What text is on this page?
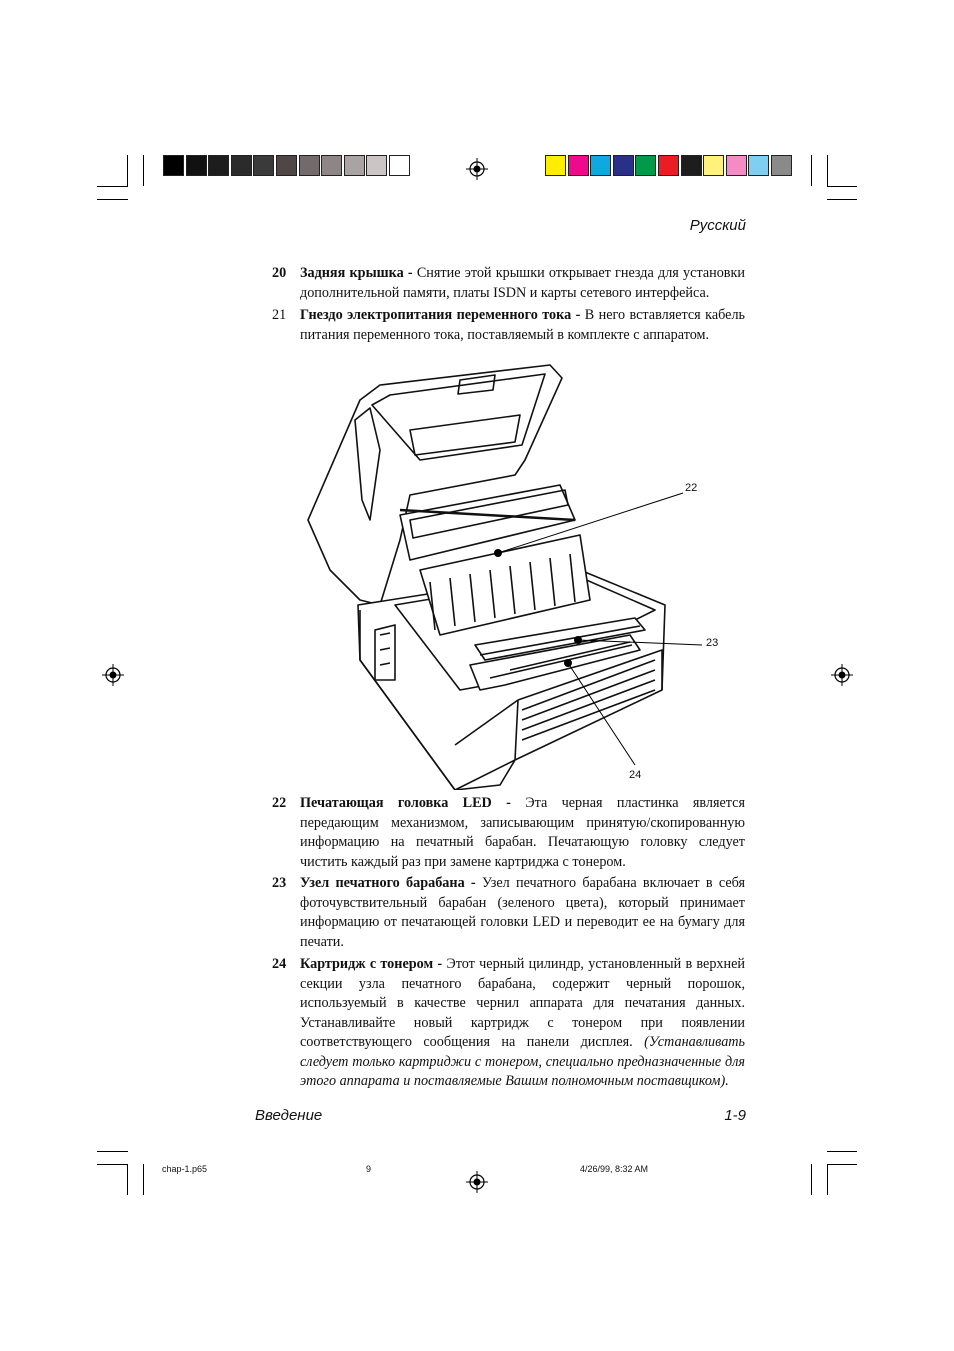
Русский
20 Задняя крышка - Снятие этой крышки открывает гнезда для установки дополнительной памяти, платы ISDN и карты сетевого интерфейса.
21 Гнездо электропитания переменного тока - В него вставляется кабель питания переменного тока, поставляемый в комплекте с аппаратом.
22
23
24
22 Печатающая головка LED - Эта черная пластинка является передающим механизмом, записывающим принятую/скопированную информацию на печатный барабан. Печатающую головку следует чистить каждый раз при замене картриджа с тонером.
23 Узел печатного барабана - Узел печатного барабана включает в себя фоточувствительный барабан (зеленого цвета), который принимает информацию от печатающей головки LED и переводит ее на бумагу для печати.
24 Картридж с тонером - Этот черный цилиндр, установленный в верхней секции узла печатного барабана, содержит черный порошок, используемый в качестве чернил аппарата для печатания данных. Устанавливайте новый картридж с тонером при появлении соответствующего сообщения на панели дисплея. (Устанавливать следует только картриджи с тонером, специально предназначенные для этого аппарата и поставляемые Вашим полномочным поставщиком).
Введение	1-9
chap-1.p65	9	4/26/99, 8:32 AM
